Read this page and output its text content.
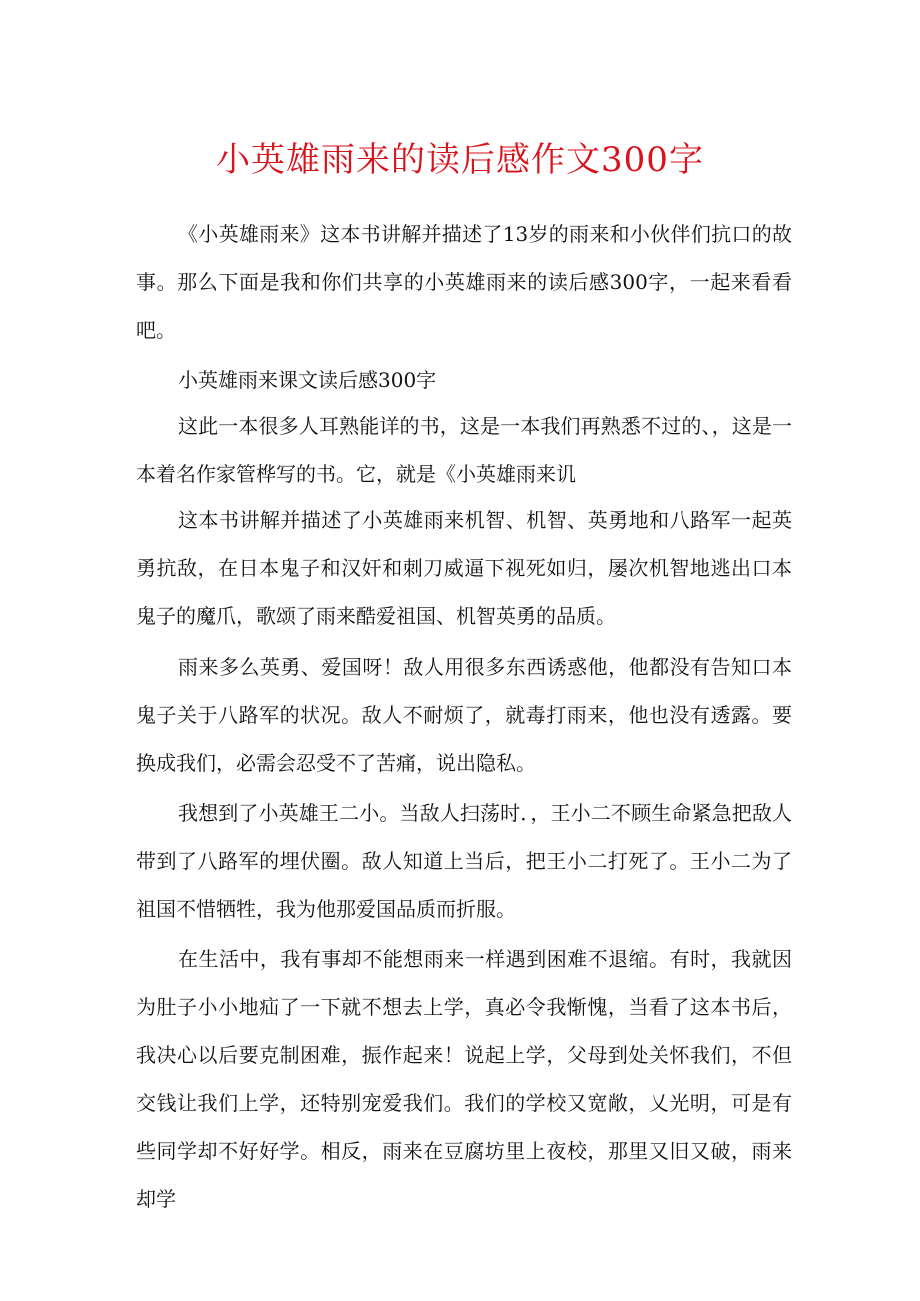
小英雄雨来的读后感作文300字

《小英雄雨来》这本书讲解并描述了13岁的雨来和小伙伴们抗口的故事。那么下面是我和你们共享的小英雄雨来的读后感300字，一起来看看吧。

小英雄雨来课文读后感300字

这此一本很多人耳熟能详的书，这是一本我们再熟悉不过的、，这是一本着名作家管桦写的书。它，就是《小英雄雨来讥

这本书讲解并描述了小英雄雨来机智、机智、英勇地和八路军一起英勇抗敌，在日本鬼子和汉奸和刺刀威逼下视死如归，屡次机智地逃出口本鬼子的魔爪，歌颂了雨来酷爱祖国、机智英勇的品质。

雨来多么英勇、爱国呀！敌人用很多东西诱惑他，他都没有告知口本鬼子关于八路军的状况。敌人不耐烦了，就毒打雨来，他也没有透露。要换成我们，必需会忍受不了苦痛，说出隐私。

我想到了小英雄王二小。当敌人扫荡时．，王小二不顾生命紧急把敌人带到了八路军的埋伏圈。敌人知道上当后，把王小二打死了。王小二为了祖国不惜牺牲，我为他那爱国品质而折服。

在生活中，我有事却不能想雨来一样遇到困难不退缩。有时，我就因为肚子小小地疝了一下就不想去上学，真必令我惭愧，当看了这本书后，我决心以后要克制困难，振作起来！说起上学，父母到处关怀我们，不但交钱让我们上学，还特别宠爱我们。我们的学校又宽敞，乂光明，可是有些同学却不好好学。相反，雨来在豆腐坊里上夜校，那里又旧又破，雨来却学
